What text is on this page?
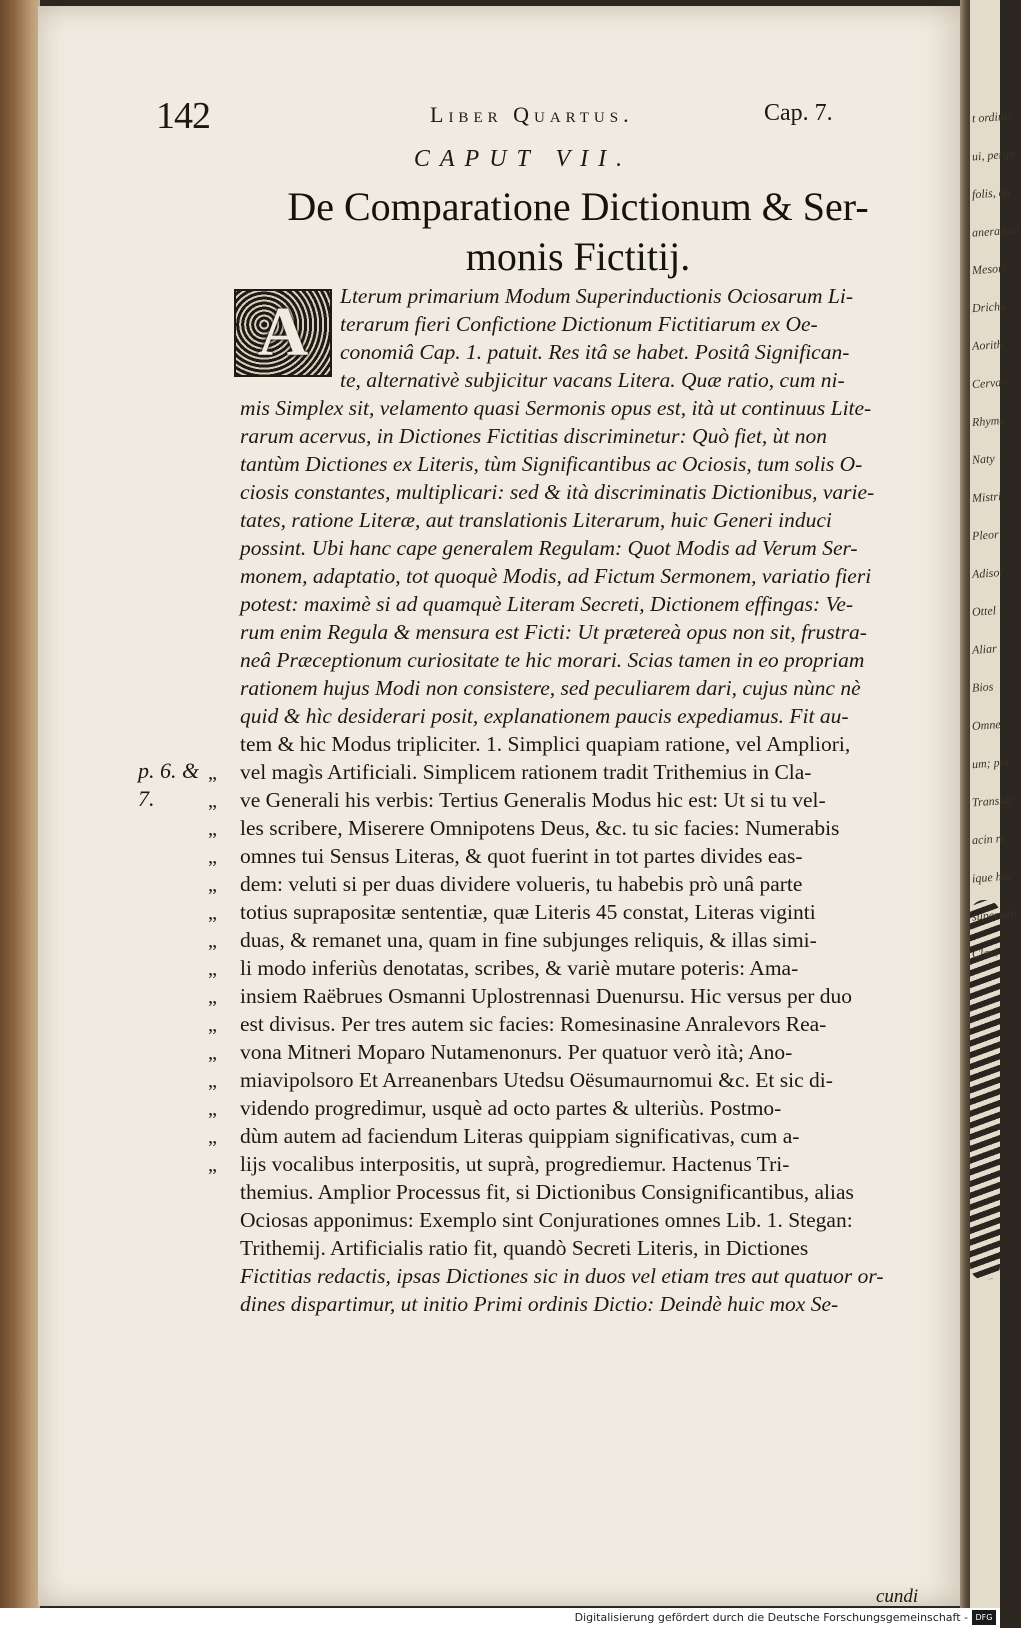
142	Liber Quartus.	Cap. 7.
CAPUT VII.
De Comparatione Dictionum & Ser-
monis Fictitij.
A	Lterum primarium Modum Superinductionis Ociosarum Li-
terarum fieri Confictione Dictionum Fictitiarum ex Oe-
conomiâ Cap. 1. patuit. Res itâ se habet. Positâ Significan-
te, alternativè subjicitur vacans Litera. Quæ ratio, cum ni-
mis Simplex sit, velamento quasi Sermonis opus est, ità ut continuus Lite-
rarum acervus, in Dictiones Fictitias discriminetur: Quò fiet, ùt non
tantùm Dictiones ex Literis, tùm Significantibus ac Ociosis, tum solis O-
ciosis constantes, multiplicari: sed & ità discriminatis Dictionibus, varie-
tates, ratione Literæ, aut translationis Literarum, huic Generi induci
possint. Ubi hanc cape generalem Regulam: Quot Modis ad Verum Ser-
monem, adaptatio, tot quoquè Modis, ad Fictum Sermonem, variatio fieri
potest: maximè si ad quamquè Literam Secreti, Dictionem effingas: Ve-
rum enim Regula & mensura est Ficti: Ut prætereà opus non sit, frustra-
neâ Præceptionum curiositate te hic morari. Scias tamen in eo propriam
rationem hujus Modi non consistere, sed peculiarem dari, cujus nùnc nè
quid & hìc desiderari posit, explanationem paucis expediamus. Fit au-
tem & hic Modus tripliciter. 1. Simplici quapiam ratione, vel Ampliori,
vel magìs Artificiali. Simplicem rationem tradit Trithemius in Cla-
ve Generali his verbis: Tertius Generalis Modus hic est: Ut si tu vel-
les scribere, Miserere Omnipotens Deus, &c. tu sic facies: Numerabis
omnes tui Sensus Literas, & quot fuerint in tot partes divides eas-
dem: veluti si per duas dividere volueris, tu habebis prò unâ parte
totius suprapositæ sententiæ, quæ Literis 45 constat, Literas viginti
duas, & remanet una, quam in fine subjunges reliquis, & illas simi-
li modo inferiùs denotatas, scribes, & variè mutare poteris: Ama-
insiem Raëbrues Osmanni Uplostrennasi Duenursu. Hic versus per duo
est divisus. Per tres autem sic facies: Romesinasine Anralevors Rea-
vona Mitneri Moparo Nutamenonurs. Per quatuor verò ità; Ano-
miavipolsoro Et Arreanenbars Utedsu Oësumaurnomui &c. Et sic di-
videndo progredimur, usquè ad octo partes & ulteriùs. Postmo-
dùm autem ad faciendum Literas quippiam significativas, cum a-
lijs vocalibus interpositis, ut suprà, progrediemur. Hactenus Tri-
themius. Amplior Processus fit, si Dictionibus Consignificantibus, alias
Ociosas apponimus: Exemplo sint Conjurationes omnes Lib. 1. Stegan:
Trithemij. Artificialis ratio fit, quandò Secreti Literis, in Dictiones
Fictitias redactis, ipsas Dictiones sic in duos vel etiam tres aut quatuor or-
dines dispartimur, ut initio Primi ordinis Dictio: Deindè huic mox Se-
„
„
„
„
„
„
„
„
„
„
„
„
„
„
„
p. 6. &
7.
cundi
t ordinis
ui, perga
folis, qu
anera sint
Mesori
Dricho
Aorith
Cervar
Rhyma
Naty
Mistri
Pleor
Adisor
Ottel
Aliar
Bios
Omne
um; per
Translat
acin re
ique hac
superstiti
Clavi
Digitalisierung gefördert durch die Deutsche Forschungsgemeinschaft - DFG
